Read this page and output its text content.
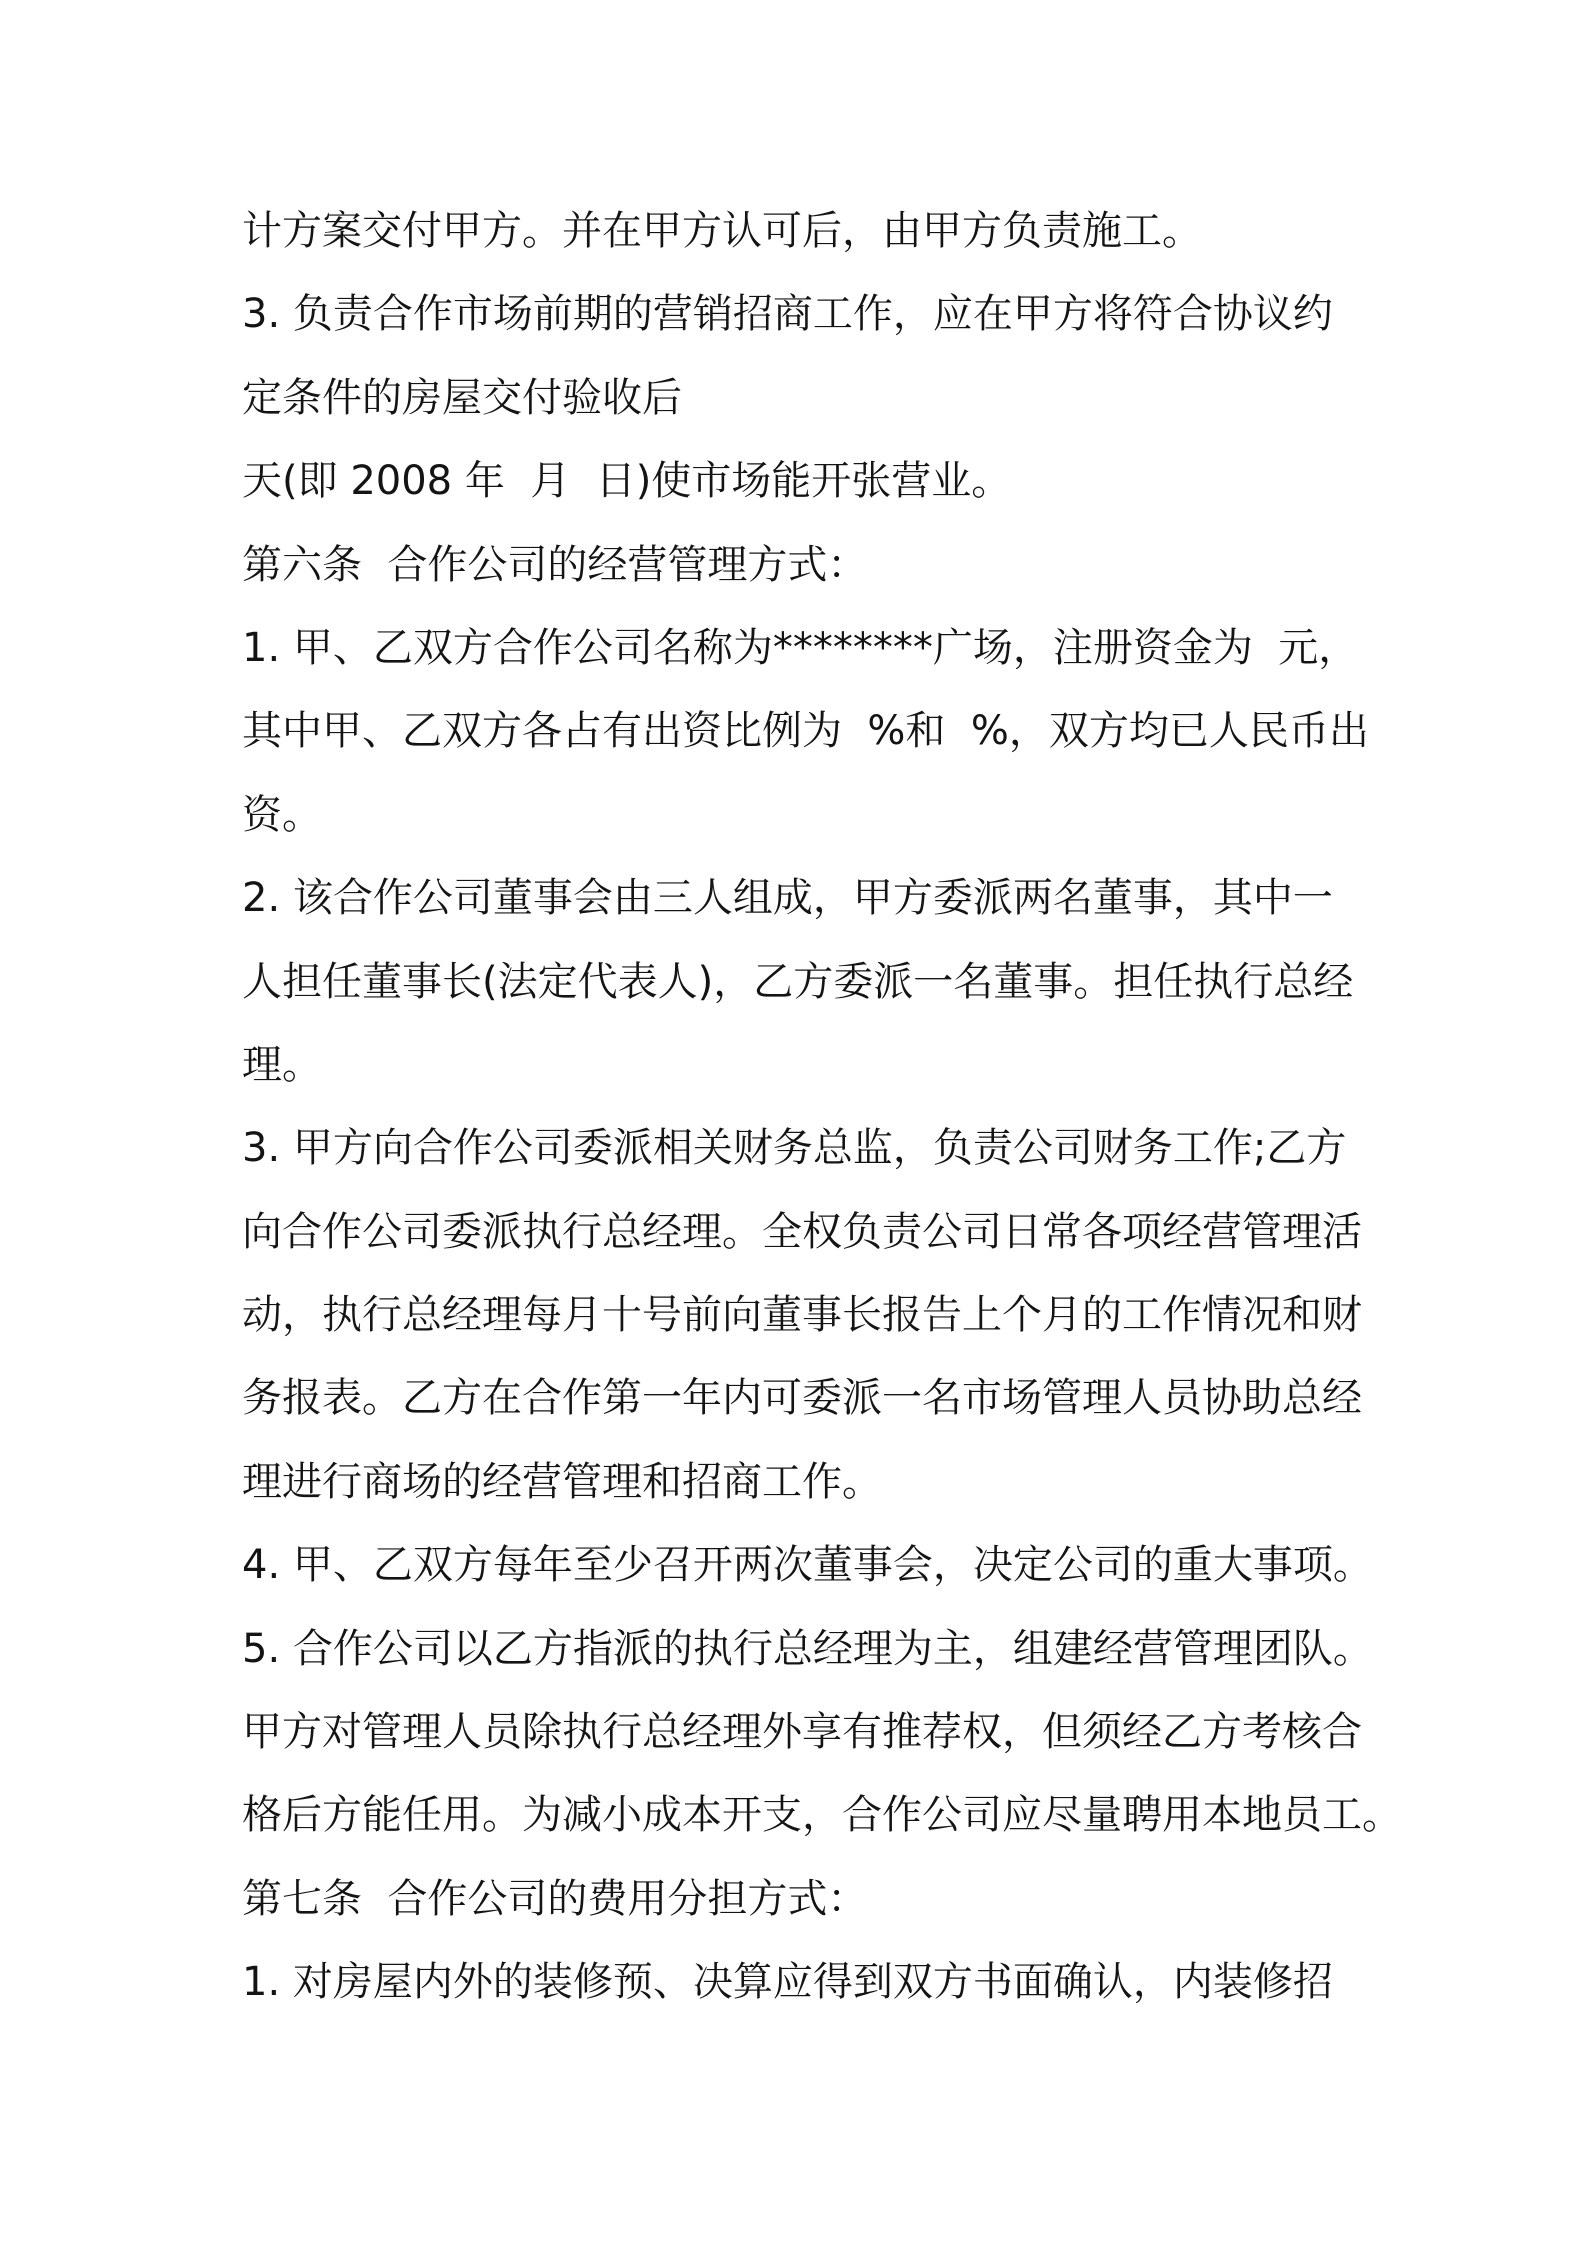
计方案交付甲方。并在甲方认可后，由甲方负责施工。
3. 负责合作市场前期的营销招商工作，应在甲方将符合协议约
定条件的房屋交付验收后
天(即 2008 年  月  日)使市场能开张营业。
第六条  合作公司的经营管理方式：
1. 甲、乙双方合作公司名称为********广场，注册资金为  元，
其中甲、乙双方各占有出资比例为  %和  %，双方均已人民币出
资。
2. 该合作公司董事会由三人组成，甲方委派两名董事，其中一
人担任董事长(法定代表人)，乙方委派一名董事。担任执行总经
理。
3. 甲方向合作公司委派相关财务总监，负责公司财务工作;乙方
向合作公司委派执行总经理。全权负责公司日常各项经营管理活
动，执行总经理每月十号前向董事长报告上个月的工作情况和财
务报表。乙方在合作第一年内可委派一名市场管理人员协助总经
理进行商场的经营管理和招商工作。
4. 甲、乙双方每年至少召开两次董事会，决定公司的重大事项。
5. 合作公司以乙方指派的执行总经理为主，组建经营管理团队。
甲方对管理人员除执行总经理外享有推荐权，但须经乙方考核合
格后方能任用。为减小成本开支，合作公司应尽量聘用本地员工。
第七条  合作公司的费用分担方式：
1. 对房屋内外的装修预、决算应得到双方书面确认，内装修招
